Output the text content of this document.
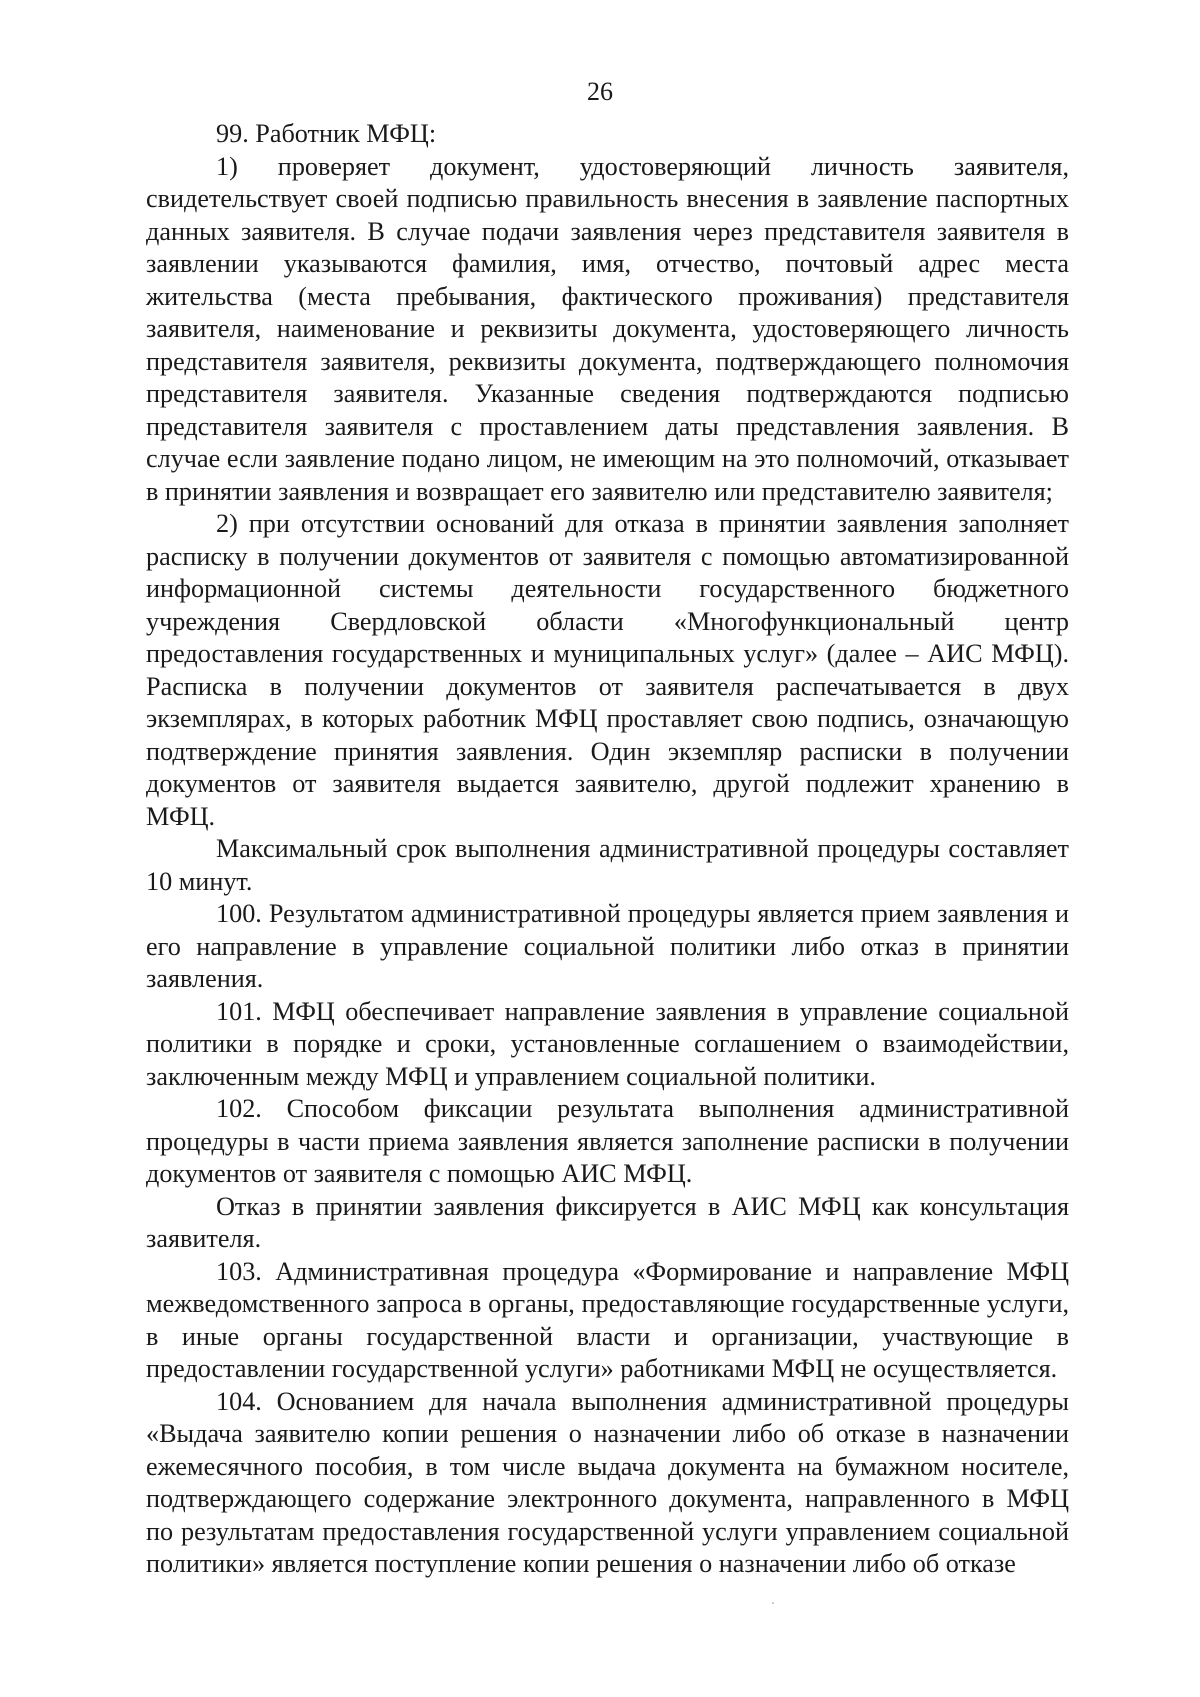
26

99. Работник МФЦ:

1) проверяет документ, удостоверяющий личность заявителя, свидетельствует своей подписью правильность внесения в заявление паспортных данных заявителя. В случае подачи заявления через представителя заявителя в заявлении указываются фамилия, имя, отчество, почтовый адрес места жительства (места пребывания, фактического проживания) представителя заявителя, наименование и реквизиты документа, удостоверяющего личность представителя заявителя, реквизиты документа, подтверждающего полномочия представителя заявителя. Указанные сведения подтверждаются подписью представителя заявителя с проставлением даты представления заявления. В случае если заявление подано лицом, не имеющим на это полномочий, отказывает в принятии заявления и возвращает его заявителю или представителю заявителя;

2) при отсутствии оснований для отказа в принятии заявления заполняет расписку в получении документов от заявителя с помощью автоматизированной информационной системы деятельности государственного бюджетного учреждения Свердловской области «Многофункциональный центр предоставления государственных и муниципальных услуг» (далее – АИС МФЦ). Расписка в получении документов от заявителя распечатывается в двух экземплярах, в которых работник МФЦ проставляет свою подпись, означающую подтверждение принятия заявления. Один экземпляр расписки в получении документов от заявителя выдается заявителю, другой подлежит хранению в МФЦ.

Максимальный срок выполнения административной процедуры составляет 10 минут.

100. Результатом административной процедуры является прием заявления и его направление в управление социальной политики либо отказ в принятии заявления.

101. МФЦ обеспечивает направление заявления в управление социальной политики в порядке и сроки, установленные соглашением о взаимодействии, заключенным между МФЦ и управлением социальной политики.

102. Способом фиксации результата выполнения административной процедуры в части приема заявления является заполнение расписки в получении документов от заявителя с помощью АИС МФЦ.

Отказ в принятии заявления фиксируется в АИС МФЦ как консультация заявителя.

103. Административная процедура «Формирование и направление МФЦ межведомственного запроса в органы, предоставляющие государственные услуги, в иные органы государственной власти и организации, участвующие в предоставлении государственной услуги» работниками МФЦ не осуществляется.

104. Основанием для начала выполнения административной процедуры «Выдача заявителю копии решения о назначении либо об отказе в назначении ежемесячного пособия, в том числе выдача документа на бумажном носителе, подтверждающего содержание электронного документа, направленного в МФЦ по результатам предоставления государственной услуги управлением социальной политики» является поступление копии решения о назначении либо об отказе
